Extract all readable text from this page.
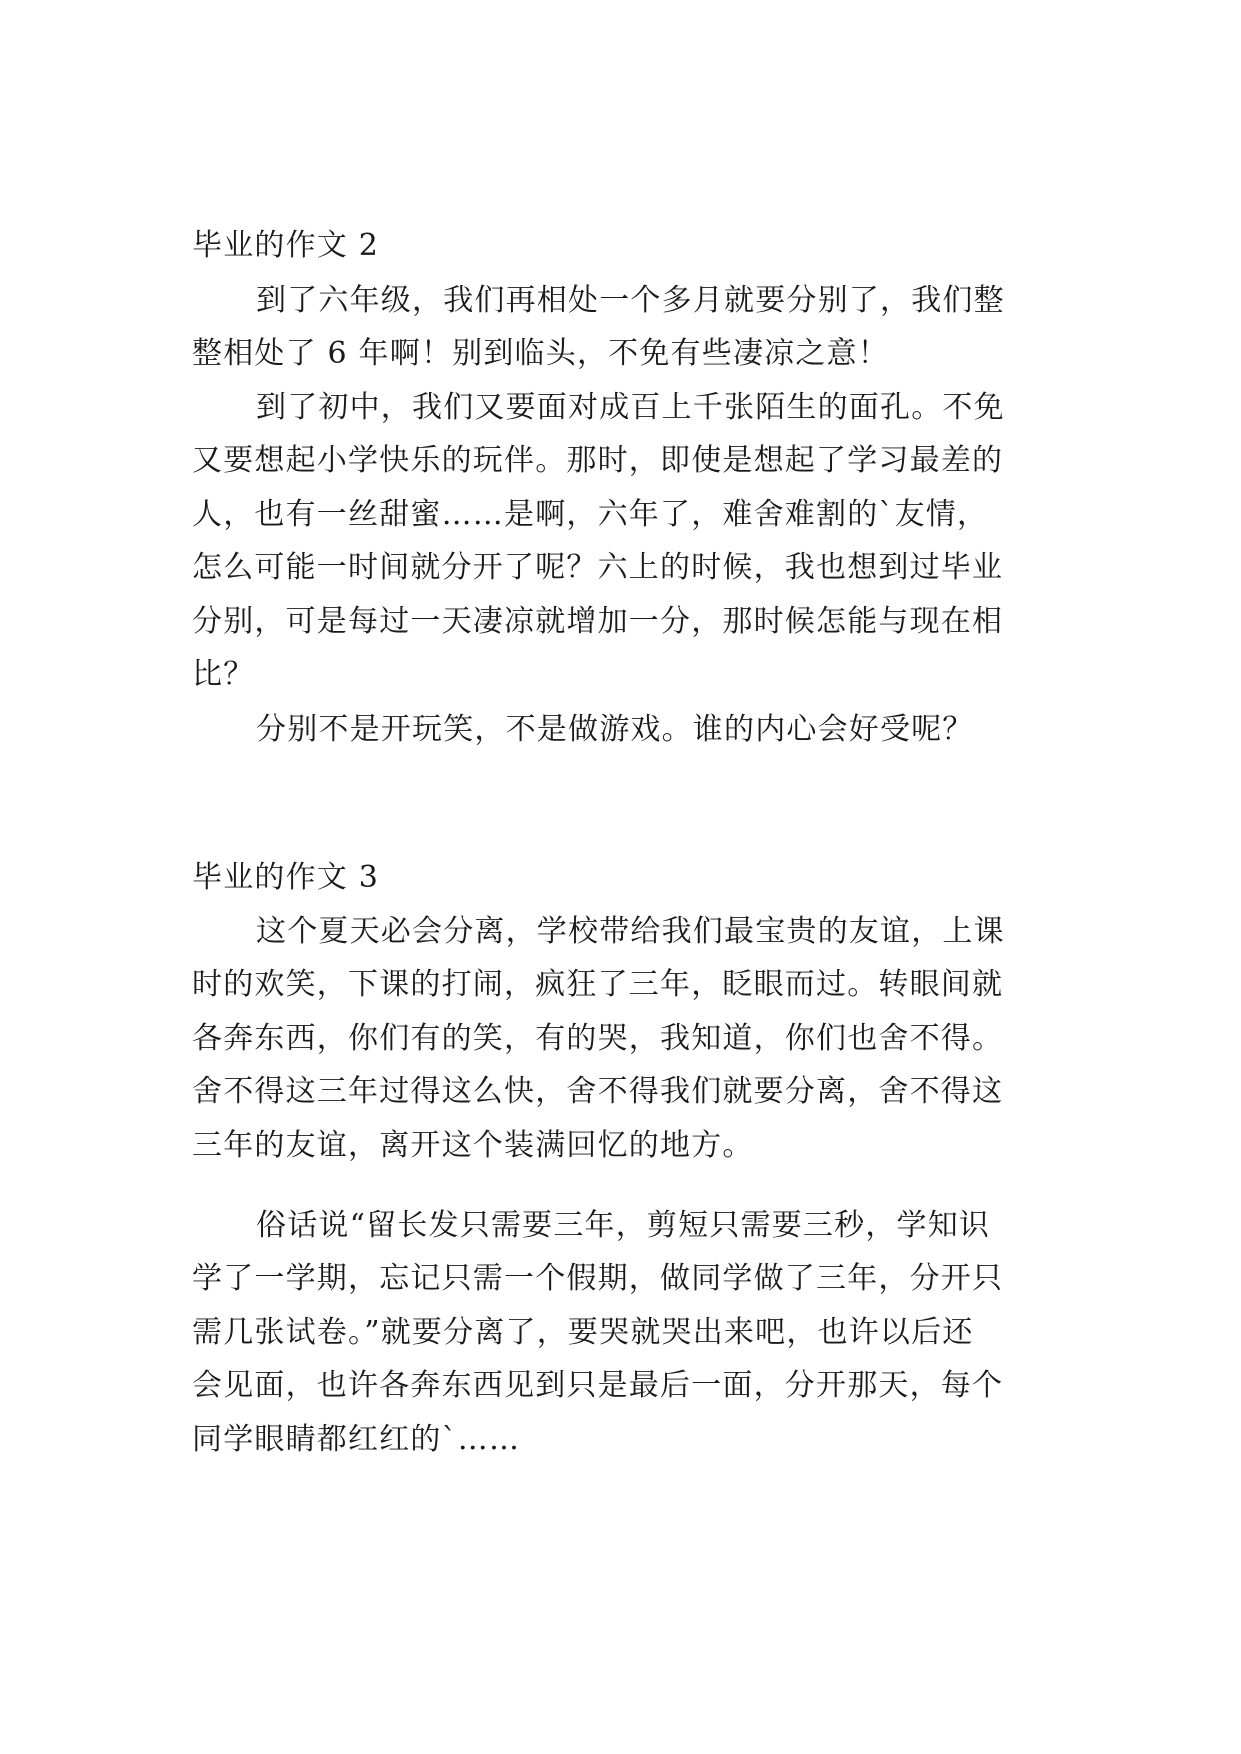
毕业的作文 2
到了六年级，我们再相处一个多月就要分别了，我们整
整相处了 6 年啊！别到临头，不免有些凄凉之意！
到了初中，我们又要面对成百上千张陌生的面孔。不免
又要想起小学快乐的玩伴。那时，即使是想起了学习最差的
人，也有一丝甜蜜……是啊，六年了，难舍难割的`友情，
怎么可能一时间就分开了呢？六上的时候，我也想到过毕业
分别，可是每过一天凄凉就增加一分，那时候怎能与现在相
比？
分别不是开玩笑，不是做游戏。谁的内心会好受呢？
毕业的作文 3
这个夏天必会分离，学校带给我们最宝贵的友谊，上课
时的欢笑，下课的打闹，疯狂了三年，眨眼而过。转眼间就
各奔东西，你们有的笑，有的哭，我知道，你们也舍不得。
舍不得这三年过得这么快，舍不得我们就要分离，舍不得这
三年的友谊，离开这个装满回忆的地方。
俗话说“留长发只需要三年，剪短只需要三秒，学知识
学了一学期，忘记只需一个假期，做同学做了三年，分开只
需几张试卷。”就要分离了，要哭就哭出来吧，也许以后还
会见面，也许各奔东西见到只是最后一面，分开那天，每个
同学眼睛都红红的`……
